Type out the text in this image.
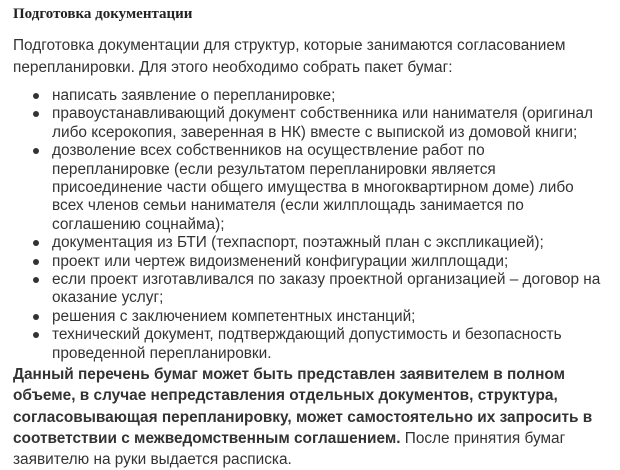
Подготовка документации

Подготовка документации для структур, которые занимаются согласованием перепланировки. Для этого необходимо собрать пакет бумаг:

написать заявление о перепланировке;
правоустанавливающий документ собственника или нанимателя (оригинал либо ксерокопия, заверенная в НК) вместе с выпиской из домовой книги;
дозволение всех собственников на осуществление работ по перепланировке (если результатом перепланировки является присоединение части общего имущества в многоквартирном доме) либо всех членов семьи нанимателя (если жилплощадь занимается по соглашению соцнайма);
документация из БТИ (техпаспорт, поэтажный план с экспликацией);
проект или чертеж видоизменений конфигурации жилплощади;
если проект изготавливался по заказу проектной организацией – договор на оказание услуг;
решения с заключением компетентных инстанций;
технический документ, подтверждающий допустимость и безопасность проведенной перепланировки.

Данный перечень бумаг может быть представлен заявителем в полном объеме, в случае непредставления отдельных документов, структура, согласовывающая перепланировку, может самостоятельно их запросить в соответствии с межведомственным соглашением. После принятия бумаг заявителю на руки выдается расписка.
